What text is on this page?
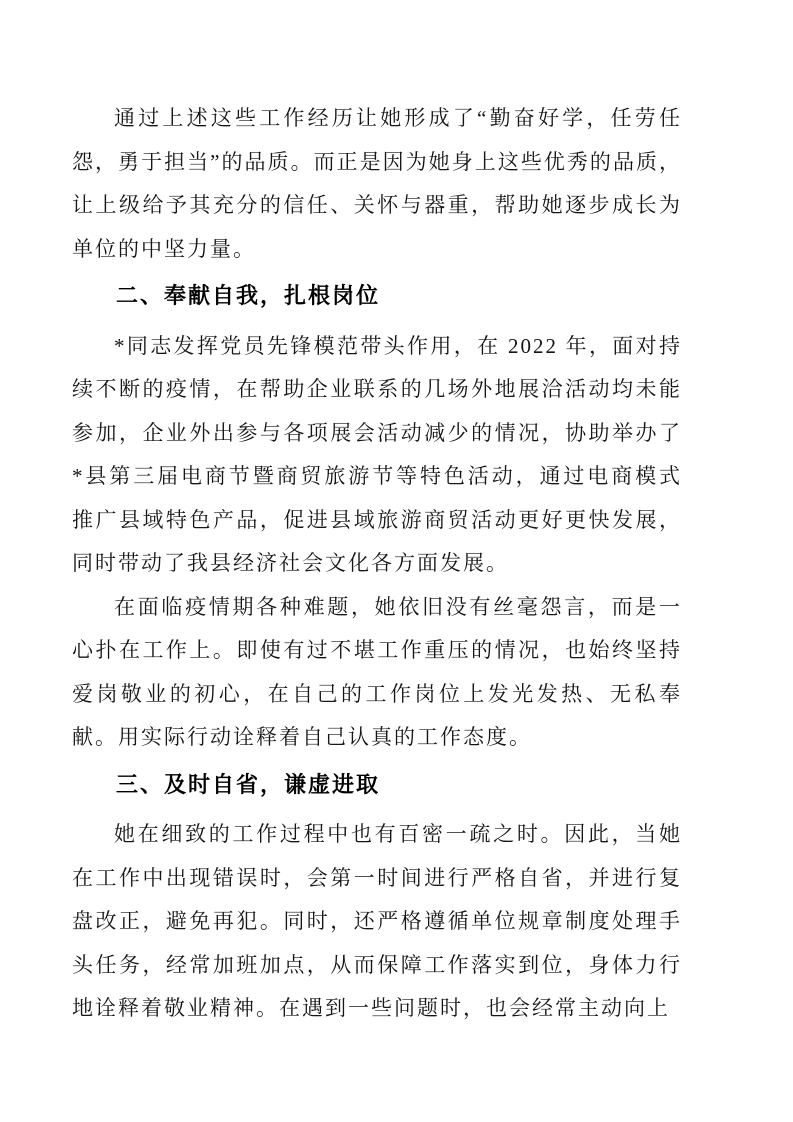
通过上述这些工作经历让她形成了“勤奋好学，任劳任怨，勇于担当”的品质。而正是因为她身上这些优秀的品质，让上级给予其充分的信任、关怀与器重，帮助她逐步成长为单位的中坚力量。

二、奉献自我，扎根岗位

*同志发挥党员先锋模范带头作用，在 2022 年，面对持续不断的疫情，在帮助企业联系的几场外地展洽活动均未能参加，企业外出参与各项展会活动减少的情况，协助举办了*县第三届电商节暨商贸旅游节等特色活动，通过电商模式推广县域特色产品，促进县域旅游商贸活动更好更快发展，同时带动了我县经济社会文化各方面发展。

在面临疫情期各种难题，她依旧没有丝毫怨言，而是一心扑在工作上。即使有过不堪工作重压的情况，也始终坚持爱岗敬业的初心，在自己的工作岗位上发光发热、无私奉献。用实际行动诠释着自己认真的工作态度。

三、及时自省，谦虚进取

她在细致的工作过程中也有百密一疏之时。因此，当她在工作中出现错误时，会第一时间进行严格自省，并进行复盘改正，避免再犯。同时，还严格遵循单位规章制度处理手头任务，经常加班加点，从而保障工作落实到位，身体力行地诠释着敬业精神。在遇到一些问题时，也会经常主动向上
